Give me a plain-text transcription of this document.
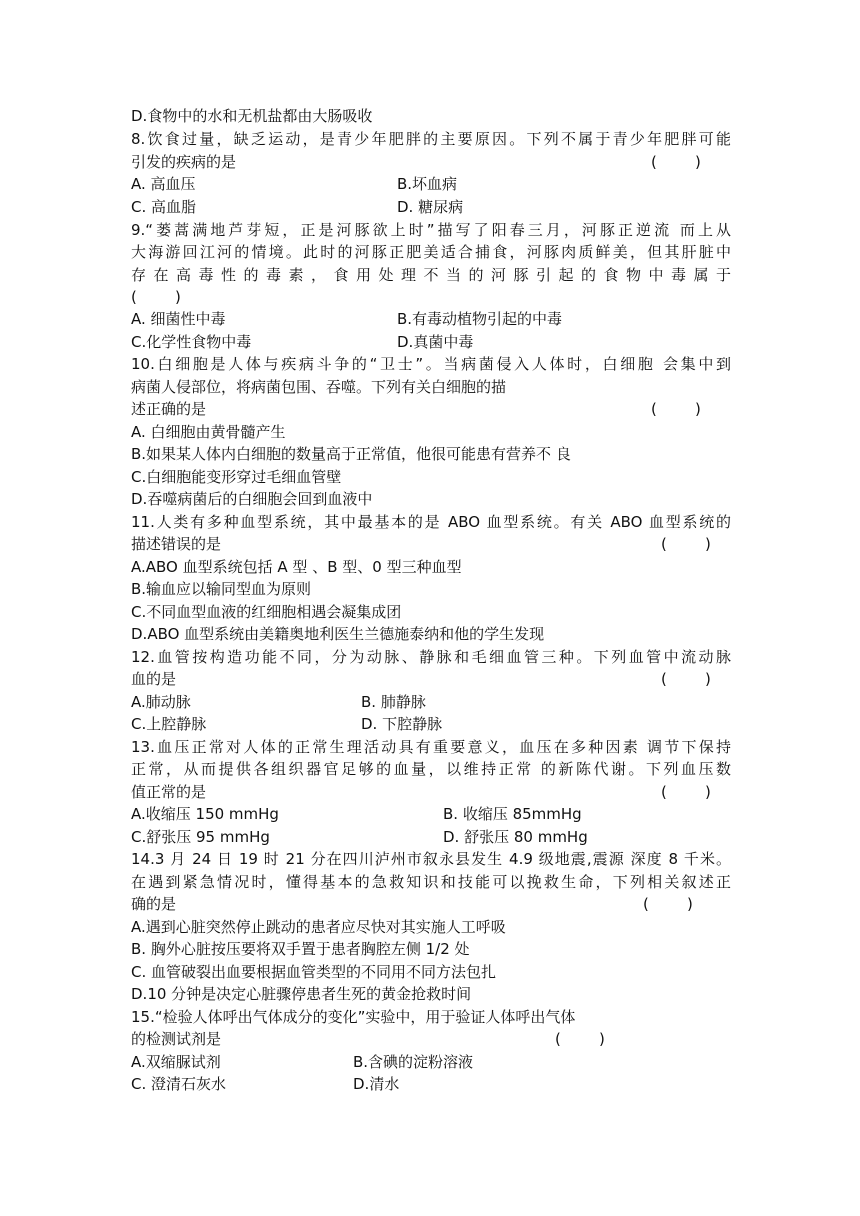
D.食物中的水和无机盐都由大肠吸收
8.饮食过量，缺乏运动，是青少年肥胖的主要原因。下列不属于青少年肥胖可能
引发的疾病的是	(        )
A. 高血压	B.坏血病
C. 高血脂	D. 糖尿病
9.“蒌蒿满地芦芽短，正是河豚欲上时”描写了阳春三月，河豚正逆流 而上从
大海游回江河的情境。此时的河豚正肥美适合捕食，河豚肉质鲜美，但其肝脏中
存在高毒性的毒素，食用处理不当的河豚引起的食物中毒属于
(        )
A. 细菌性中毒	B.有毒动植物引起的中毒
C.化学性食物中毒	D.真菌中毒
10.白细胞是人体与疾病斗争的“卫士”。当病菌侵入人体时，白细胞 会集中到
病菌人侵部位，将病菌包围、吞噬。下列有关白细胞的描
述正确的是	(        )
A. 白细胞由黄骨髓产生
B.如果某人体内白细胞的数量高于正常值，他很可能患有营养不 良
C.白细胞能变形穿过毛细血管壁
D.吞噬病菌后的白细胞会回到血液中
11.人类有多种血型系统，其中最基本的是 ABO 血型系统。有关 ABO 血型系统的
描述错误的是	(        )
A.ABO 血型系统包括 A 型 、B 型、0 型三种血型
B.输血应以输同型血为原则
C.不同血型血液的红细胞相遇会凝集成团
D.ABO 血型系统由美籍奥地利医生兰德施泰纳和他的学生发现
12.血管按构造功能不同，分为动脉、静脉和毛细血管三种。下列血管中流动脉
血的是	(        )
A.肺动脉	B. 肺静脉
C.上腔静脉	D. 下腔静脉
13.血压正常对人体的正常生理活动具有重要意义，血压在多种因素 调节下保持
正常，从而提供各组织器官足够的血量，以维持正常 的新陈代谢。下列血压数
值正常的是	(        )
A.收缩压 150 mmHg	B. 收缩压 85mmHg
C.舒张压 95 mmHg	D. 舒张压 80 mmHg
14.3 月 24 日 19 时 21 分在四川泸州市叙永县发生 4.9 级地震,震源 深度 8 千米。
在遇到紧急情况时，懂得基本的急救知识和技能可以挽救生命，下列相关叙述正
确的是	(        )
A.遇到心脏突然停止跳动的患者应尽快对其实施人工呼吸
B. 胸外心脏按压要将双手置于患者胸腔左侧 1/2 处
C. 血管破裂出血要根据血管类型的不同用不同方法包扎
D.10 分钟是决定心脏骤停患者生死的黄金抢救时间
15.“检验人体呼出气体成分的变化”实验中，用于验证人体呼出气体
的检测试剂是	(        )
A.双缩脲试剂	B.含碘的淀粉溶液
C. 澄清石灰水	D.清水
